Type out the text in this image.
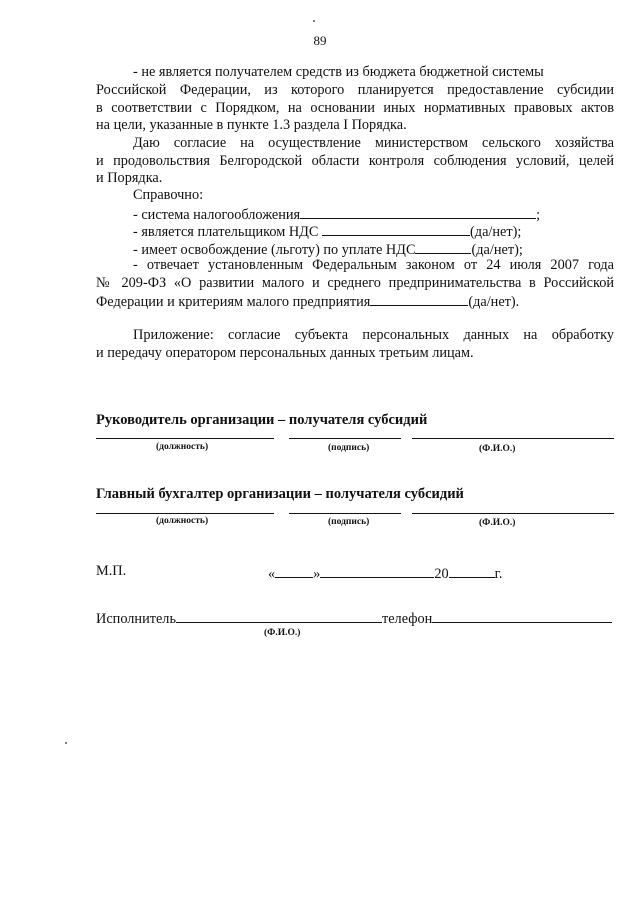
89
- не является получателем средств из бюджета бюджетной системы
Российской Федерации, из которого планируется предоставление субсидии
в соответствии с Порядком, на основании иных нормативных правовых актов
на цели, указанные в пункте 1.3 раздела I Порядка.
Даю согласие на осуществление министерством сельского хозяйства
и продовольствия Белгородской области контроля соблюдения условий, целей
и Порядка.
Справочно:
- система налогообложения	;
- является плательщиком НДС	(да/нет);
- имеет освобождение (льготу) по уплате НДС	(да/нет);
- отвечает установленным Федеральным законом от 24 июля 2007 года
№ 209-ФЗ «О развитии малого и среднего предпринимательства в Российской
Федерации и критериям малого предприятия	(да/нет).
Приложение: согласие субъекта персональных данных на обработку
и передачу оператором персональных данных третьим лицам.
Руководитель организации – получателя субсидий
(должность)	(подпись)	(Ф.И.О.)
Главный бухгалтер организации – получателя субсидий
(должность)	(подпись)	(Ф.И.О.)
М.П.	«	»	20	г.
Исполнитель	телефон
(Ф.И.О.)
